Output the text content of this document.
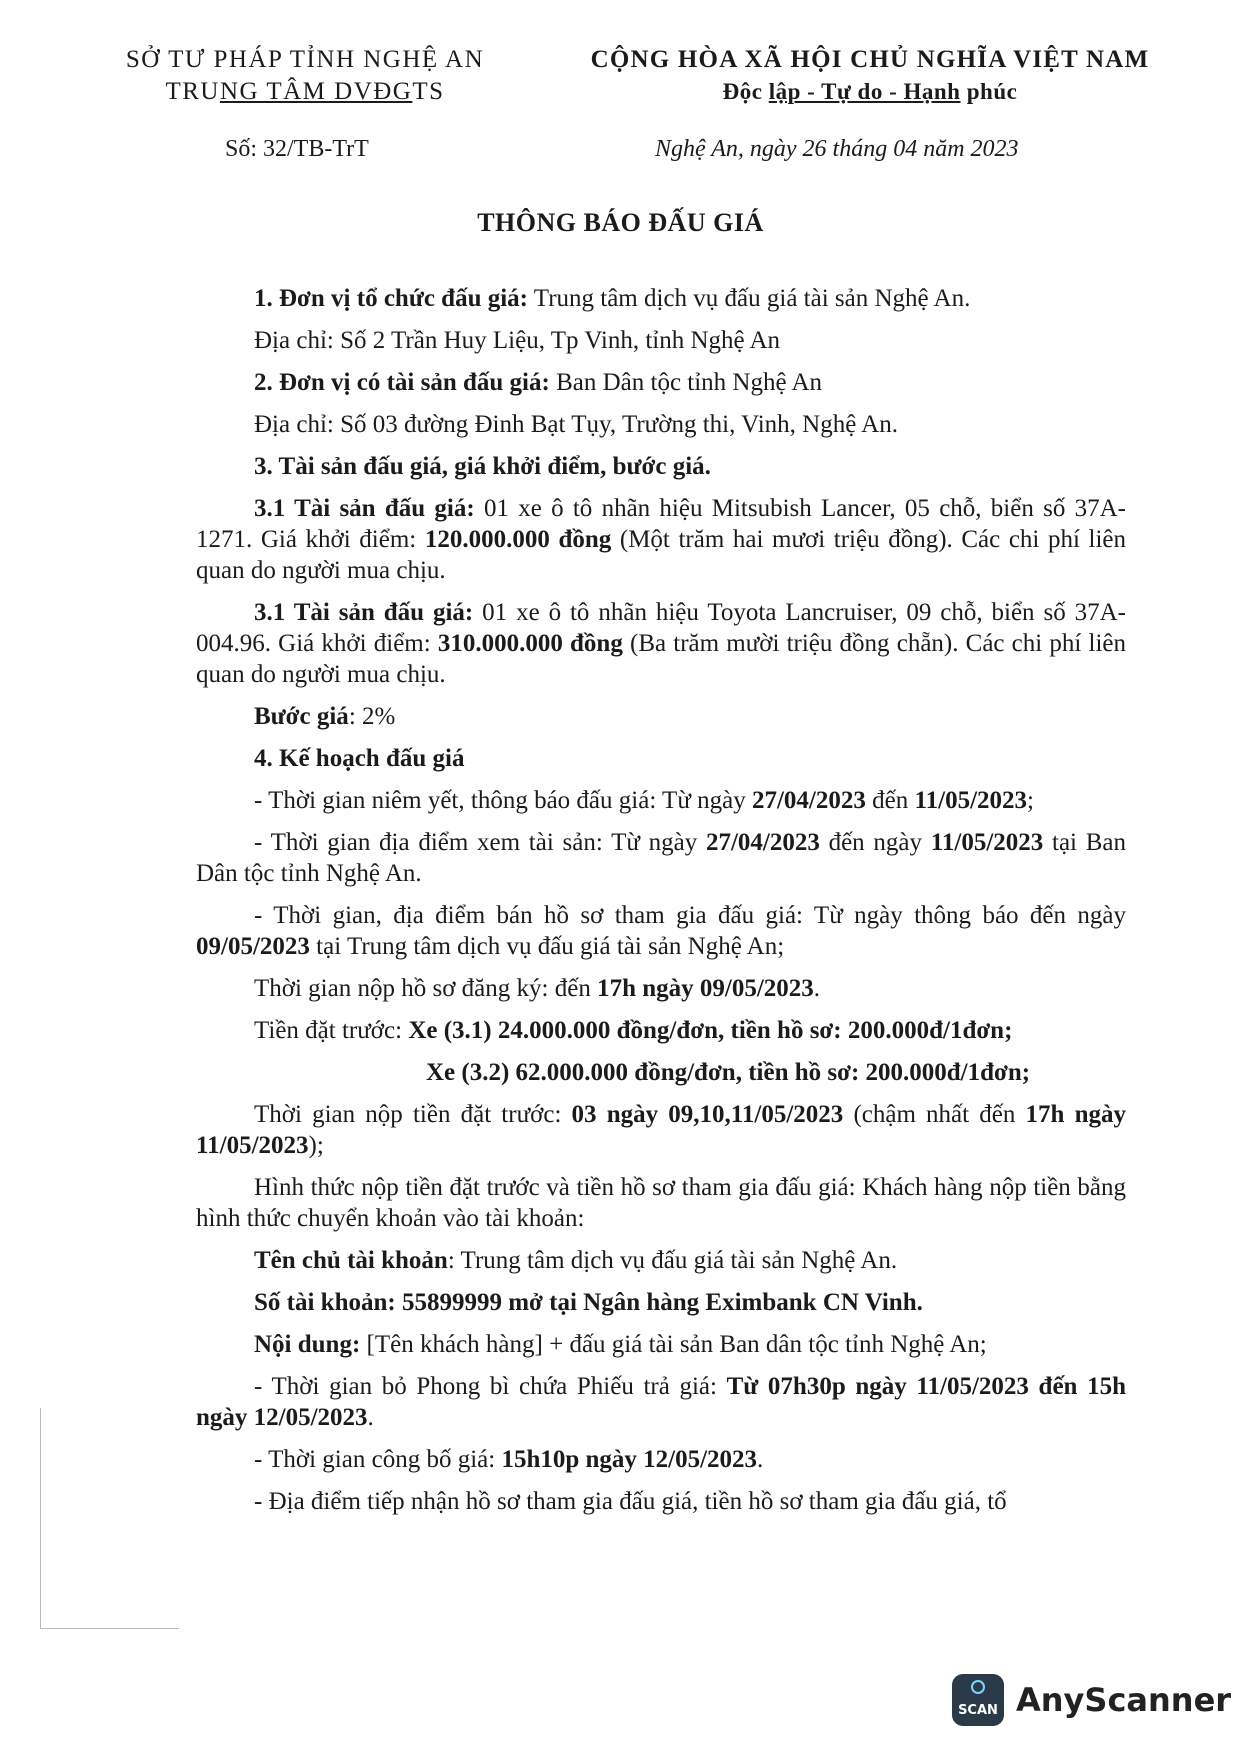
SỞ TƯ PHÁP TỈNH NGHỆ AN
TRUNG TÂM DVĐGTS
CỘNG HÒA XÃ HỘI CHỦ NGHĨA VIỆT NAM
Độc lập - Tự do - Hạnh phúc
Số: 32/TB-TrT	Nghệ An, ngày 26 tháng 04 năm 2023
THÔNG BÁO ĐẤU GIÁ

1. Đơn vị tổ chức đấu giá: Trung tâm dịch vụ đấu giá tài sản Nghệ An.

Địa chỉ: Số 2 Trần Huy Liệu, Tp Vinh, tỉnh Nghệ An

2. Đơn vị có tài sản đấu giá: Ban Dân tộc tỉnh Nghệ An

Địa chỉ: Số 03 đường Đinh Bạt Tụy, Trường thi, Vinh, Nghệ An.

3. Tài sản đấu giá, giá khởi điểm, bước giá.

3.1 Tài sản đấu giá: 01 xe ô tô nhãn hiệu Mitsubish Lancer, 05 chỗ, biển số 37A-1271. Giá khởi điểm: 120.000.000 đồng (Một trăm hai mươi triệu đồng). Các chi phí liên quan do người mua chịu.

3.1 Tài sản đấu giá: 01 xe ô tô nhãn hiệu Toyota Lancruiser, 09 chỗ, biển số 37A-004.96. Giá khởi điểm: 310.000.000 đồng (Ba trăm mười triệu đồng chẵn). Các chi phí liên quan do người mua chịu.

Bước giá: 2%

4. Kế hoạch đấu giá

- Thời gian niêm yết, thông báo đấu giá: Từ ngày 27/04/2023 đến 11/05/2023;

- Thời gian địa điểm xem tài sản: Từ ngày 27/04/2023 đến ngày 11/05/2023 tại Ban Dân tộc tỉnh Nghệ An.

- Thời gian, địa điểm bán hồ sơ tham gia đấu giá: Từ ngày thông báo đến ngày 09/05/2023 tại Trung tâm dịch vụ đấu giá tài sản Nghệ An;

Thời gian nộp hồ sơ đăng ký: đến 17h ngày 09/05/2023.

Tiền đặt trước: Xe (3.1) 24.000.000 đồng/đơn, tiền hồ sơ: 200.000đ/1đơn;

Xe (3.2) 62.000.000 đồng/đơn, tiền hồ sơ: 200.000đ/1đơn;

Thời gian nộp tiền đặt trước: 03 ngày 09,10,11/05/2023 (chậm nhất đến 17h ngày 11/05/2023);

Hình thức nộp tiền đặt trước và tiền hồ sơ tham gia đấu giá: Khách hàng nộp tiền bằng hình thức chuyển khoản vào tài khoản:

Tên chủ tài khoản: Trung tâm dịch vụ đấu giá tài sản Nghệ An.

Số tài khoản: 55899999 mở tại Ngân hàng Eximbank CN Vinh.

Nội dung: [Tên khách hàng] + đấu giá tài sản Ban dân tộc tỉnh Nghệ An;

- Thời gian bỏ Phong bì chứa Phiếu trả giá: Từ 07h30p ngày 11/05/2023 đến 15h ngày 12/05/2023.

- Thời gian công bố giá: 15h10p ngày 12/05/2023.

- Địa điểm tiếp nhận hồ sơ tham gia đấu giá, tiền hồ sơ tham gia đấu giá, tổ

SCAN AnyScanner
